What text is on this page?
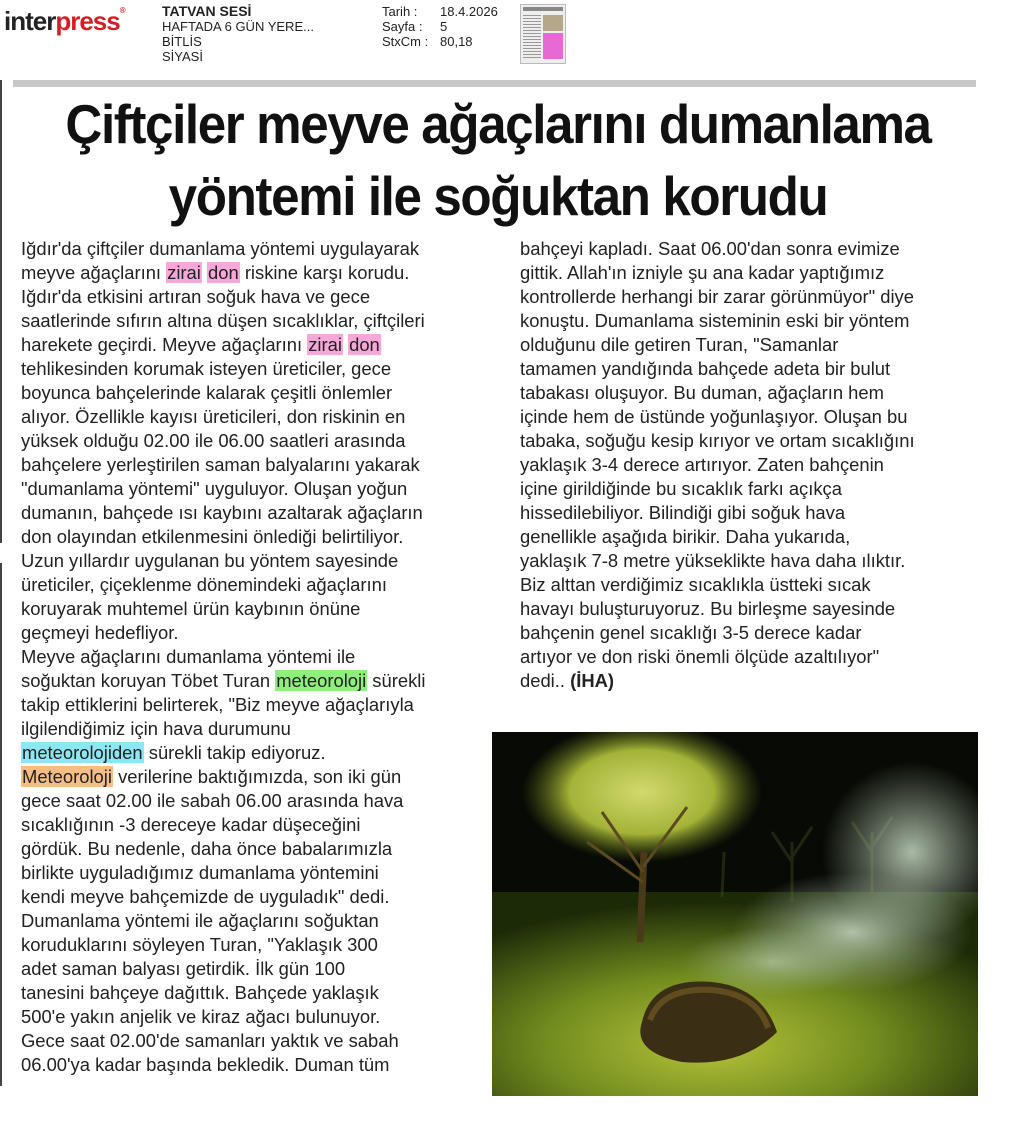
interpress®	TATVAN SESİ
HAFTADA 6 GÜN YERE...
BİTLİS
SİYASİ
Tarih :	18.4.2026
Sayfa :	5
StxCm : 80,18
Çiftçiler meyve ağaçlarını dumanlama
yöntemi ile soğuktan korudu
Iğdır'da çiftçiler dumanlama yöntemi uygulayarak
meyve ağaçlarını zirai don riskine karşı korudu.
Iğdır'da etkisini artıran soğuk hava ve gece
saatlerinde sıfırın altına düşen sıcaklıklar, çiftçileri
harekete geçirdi. Meyve ağaçlarını zirai don
tehlikesinden korumak isteyen üreticiler, gece
boyunca bahçelerinde kalarak çeşitli önlemler
alıyor. Özellikle kayısı üreticileri, don riskinin en
yüksek olduğu 02.00 ile 06.00 saatleri arasında
bahçelere yerleştirilen saman balyalarını yakarak
"dumanlama yöntemi" uyguluyor. Oluşan yoğun
dumanın, bahçede ısı kaybını azaltarak ağaçların
don olayından etkilenmesini önlediği belirtiliyor.
Uzun yıllardır uygulanan bu yöntem sayesinde
üreticiler, çiçeklenme dönemindeki ağaçlarını
koruyarak muhtemel ürün kaybının önüne
geçmeyi hedefliyor.
Meyve ağaçlarını dumanlama yöntemi ile
soğuktan koruyan Töbet Turan meteoroloji sürekli
takip ettiklerini belirterek, "Biz meyve ağaçlarıyla
ilgilendiğimiz için hava durumunu
meteorolojiden sürekli takip ediyoruz.
Meteoroloji verilerine baktığımızda, son iki gün
gece saat 02.00 ile sabah 06.00 arasında hava
sıcaklığının -3 dereceye kadar düşeceğini
gördük. Bu nedenle, daha önce babalarımızla
birlikte uyguladığımız dumanlama yöntemini
kendi meyve bahçemizde de uyguladık" dedi.
Dumanlama yöntemi ile ağaçlarını soğuktan
koruduklarını söyleyen Turan, "Yaklaşık 300
adet saman balyası getirdik. İlk gün 100
tanesini bahçeye dağıttık. Bahçede yaklaşık
500'e yakın anjelik ve kiraz ağacı bulunuyor.
Gece saat 02.00'de samanları yaktık ve sabah
06.00'ya kadar başında bekledik. Duman tüm
bahçeyi kapladı. Saat 06.00'dan sonra evimize
gittik. Allah'ın izniyle şu ana kadar yaptığımız
kontrollerde herhangi bir zarar görünmüyor" diye
konuştu. Dumanlama sisteminin eski bir yöntem
olduğunu dile getiren Turan, "Samanlar
tamamen yandığında bahçede adeta bir bulut
tabakası oluşuyor. Bu duman, ağaçların hem
içinde hem de üstünde yoğunlaşıyor. Oluşan bu
tabaka, soğuğu kesip kırıyor ve ortam sıcaklığını
yaklaşık 3-4 derece artırıyor. Zaten bahçenin
içine girildiğinde bu sıcaklık farkı açıkça
hissedilebiliyor. Bilindiği gibi soğuk hava
genellikle aşağıda birikir. Daha yukarıda,
yaklaşık 7-8 metre yükseklikte hava daha ılıktır.
Biz alttan verdiğimiz sıcaklıkla üstteki sıcak
havayı buluşturuyoruz. Bu birleşme sayesinde
bahçenin genel sıcaklığı 3-5 derece kadar
artıyor ve don riski önemli ölçüde azaltılıyor"
dedi.. (İHA)
